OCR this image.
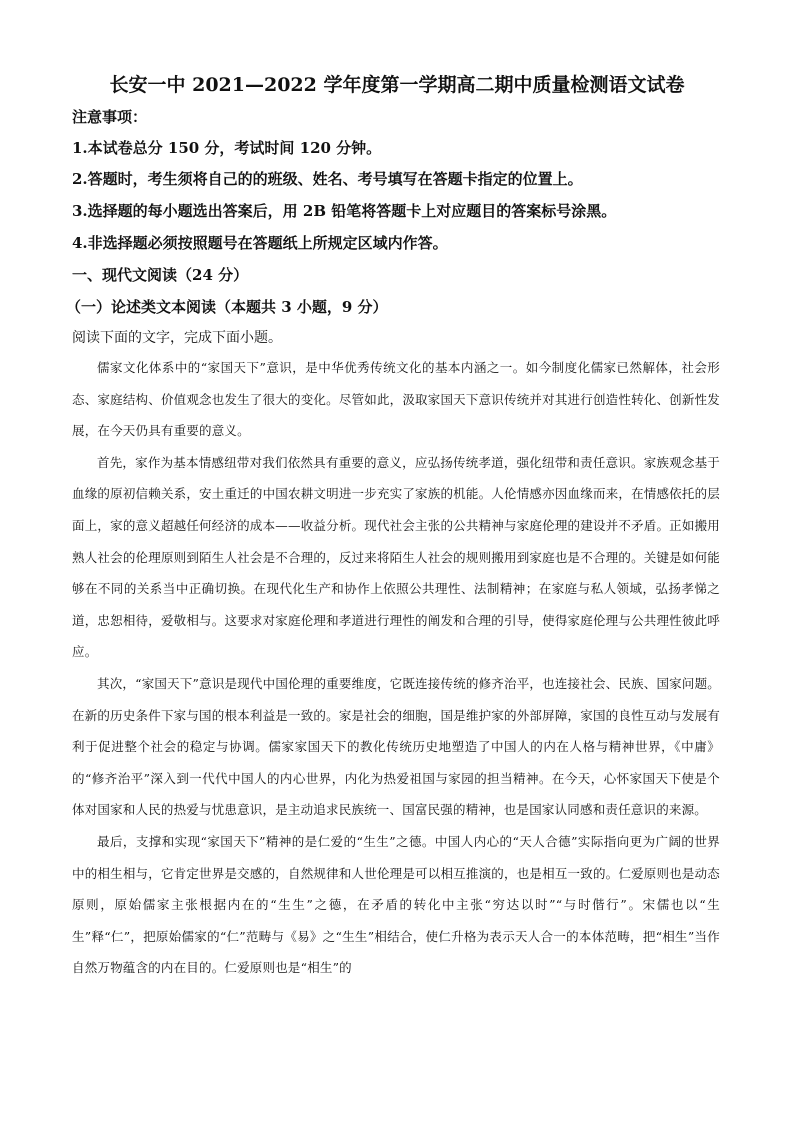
长安一中 2021—2022 学年度第一学期高二期中质量检测语文试卷
注意事项：
1.本试卷总分 150 分，考试时间 120 分钟。
2.答题时，考生须将自己的的班级、姓名、考号填写在答题卡指定的位置上。
3.选择题的每小题选出答案后，用 2B 铅笔将答题卡上对应题目的答案标号涂黑。
4.非选择题必须按照题号在答题纸上所规定区域内作答。
一、现代文阅读（24 分）
（一）论述类文本阅读（本题共 3 小题，9 分）
阅读下面的文字，完成下面小题。

儒家文化体系中的“家国天下”意识，是中华优秀传统文化的基本内涵之一。如今制度化儒家已然解体，社会形态、家庭结构、价值观念也发生了很大的变化。尽管如此，汲取家国天下意识传统并对其进行创造性转化、创新性发展，在今天仍具有重要的意义。

首先，家作为基本情感纽带对我们依然具有重要的意义，应弘扬传统孝道，强化纽带和责任意识。家族观念基于血缘的原初信赖关系，安土重迁的中国农耕文明进一步充实了家族的机能。人伦情感亦因血缘而来，在情感依托的层面上，家的意义超越任何经济的成本——收益分析。现代社会主张的公共精神与家庭伦理的建设并不矛盾。正如搬用熟人社会的伦理原则到陌生人社会是不合理的，反过来将陌生人社会的规则搬用到家庭也是不合理的。关键是如何能够在不同的关系当中正确切换。在现代化生产和协作上依照公共理性、法制精神；在家庭与私人领域，弘扬孝悌之道，忠恕相待，爱敬相与。这要求对家庭伦理和孝道进行理性的阐发和合理的引导，使得家庭伦理与公共理性彼此呼应。

其次，“家国天下”意识是现代中国伦理的重要维度，它既连接传统的修齐治平，也连接社会、民族、国家问题。在新的历史条件下家与国的根本利益是一致的。家是社会的细胞，国是维护家的外部屏障，家国的良性互动与发展有利于促进整个社会的稳定与协调。儒家家国天下的教化传统历史地塑造了中国人的内在人格与精神世界，《中庸》的“修齐治平”深入到一代代中国人的内心世界，内化为热爱祖国与家园的担当精神。在今天，心怀家国天下使是个体对国家和人民的热爱与忧患意识，是主动追求民族统一、国富民强的精神，也是国家认同感和责任意识的来源。

最后，支撑和实现“家国天下”精神的是仁爱的“生生”之德。中国人内心的“天人合德”实际指向更为广阔的世界中的相生相与，它肯定世界是交感的，自然规律和人世伦理是可以相互推演的，也是相互一致的。仁爱原则也是动态原则，原始儒家主张根据内在的“生生”之德，在矛盾的转化中主张“穷达以时”“与时偕行”。宋儒也以“生生”释“仁”，把原始儒家的“仁”范畴与《易》之“生生”相结合，使仁升格为表示天人合一的本体范畴，把“相生”当作自然万物蕴含的内在目的。仁爱原则也是“相生”的
